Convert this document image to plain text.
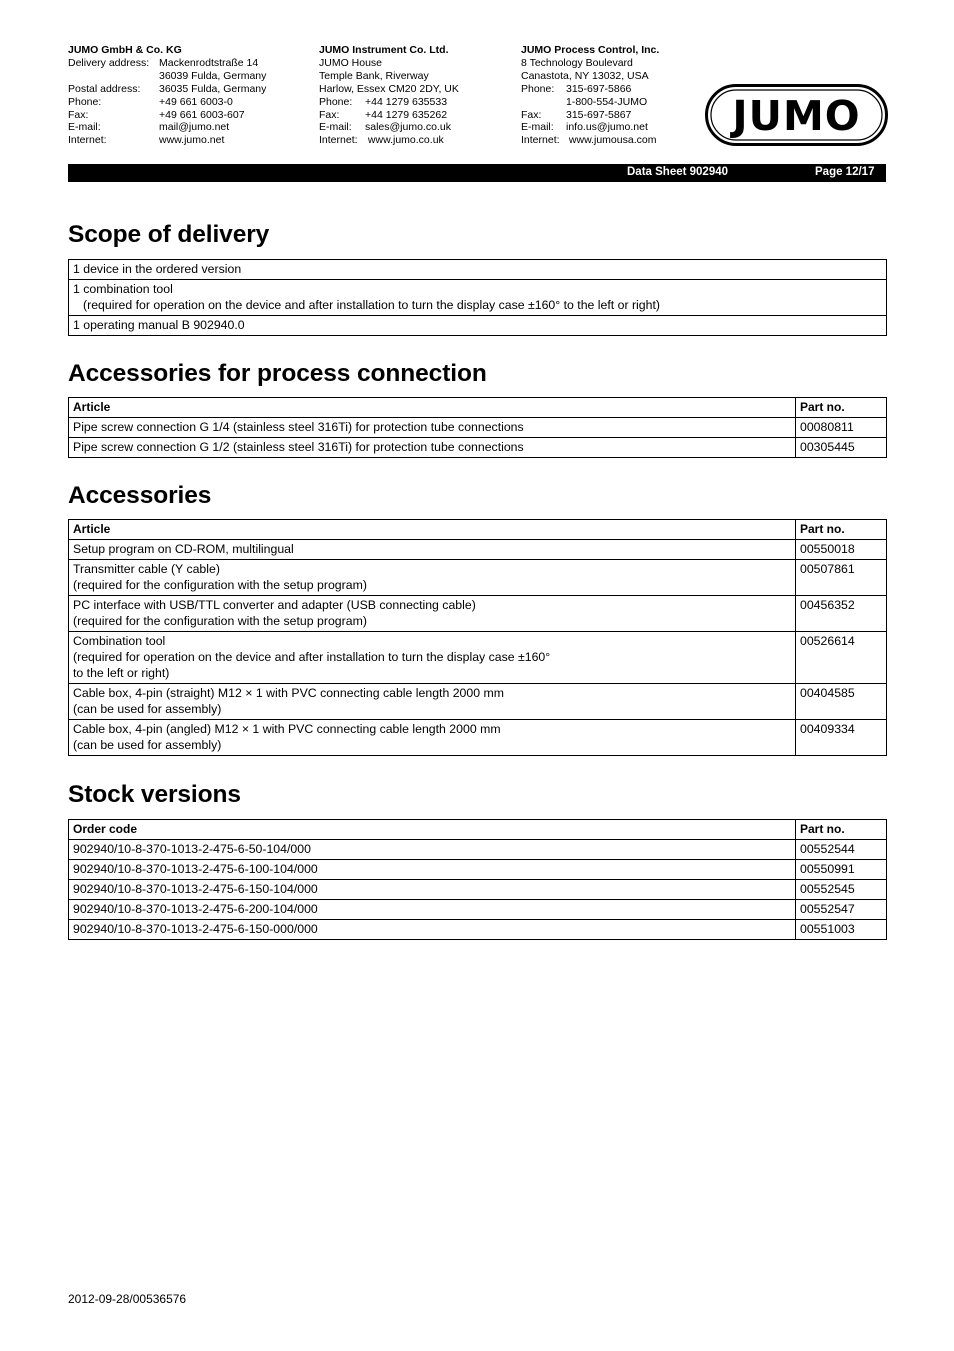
JUMO GmbH & Co. KG
Delivery address: Mackenrodtstraße 14
36039 Fulda, Germany
Postal address:	36035 Fulda, Germany
Phone:	+49 661 6003-0
Fax:	+49 661 6003-607
E-mail:	mail@jumo.net
Internet:	www.jumo.net
JUMO Instrument Co. Ltd.
JUMO House
Temple Bank, Riverway
Harlow, Essex CM20 2DY, UK
Phone:	+44 1279 635533
Fax:	+44 1279 635262
E-mail:	sales@jumo.co.uk
Internet:
www.jumo.co.uk
JUMO Process Control, Inc.
8 Technology Boulevard
Canastota, NY 13032, USA
Phone:	315-697-5866
1-800-554-JUMO
Fax:	315-697-5867
E-mail:	info.us@jumo.net
Internet:
www.jumousa.com
JUMO
Data Sheet 902940	Page 12/17
Scope of delivery
1 device in the ordered version

1 combination tool
(required for operation on the device and after installation to turn the display case ±160° to the left or right)

1 operating manual B 902940.0
Accessories for process connection
Article	Part no.
Pipe screw connection G 1/4 (stainless steel 316Ti) for protection tube connections	00080811
Pipe screw connection G 1/2 (stainless steel 316Ti) for protection tube connections	00305445
Accessories
Article	Part no.

Setup program on CD-ROM, multilingual	00550018

Transmitter cable (Y cable)
(required for the configuration with the setup program)	00507861

PC interface with USB/TTL converter and adapter (USB connecting cable)
(required for the configuration with the setup program)	00456352

Combination tool
(required for operation on the device and after installation to turn the display case ±160°
to the left or right)	00526614

Cable box, 4-pin (straight) M12 × 1 with PVC connecting cable length 2000 mm
(can be used for assembly)	00404585

Cable box, 4-pin (angled) M12 × 1 with PVC connecting cable length 2000 mm
(can be used for assembly)	00409334
Stock versions
Order code	Part no.
902940/10-8-370-1013-2-475-6-50-104/000	00552544
902940/10-8-370-1013-2-475-6-100-104/000	00550991
902940/10-8-370-1013-2-475-6-150-104/000	00552545
902940/10-8-370-1013-2-475-6-200-104/000	00552547
902940/10-8-370-1013-2-475-6-150-000/000	00551003
2012-09-28/00536576
